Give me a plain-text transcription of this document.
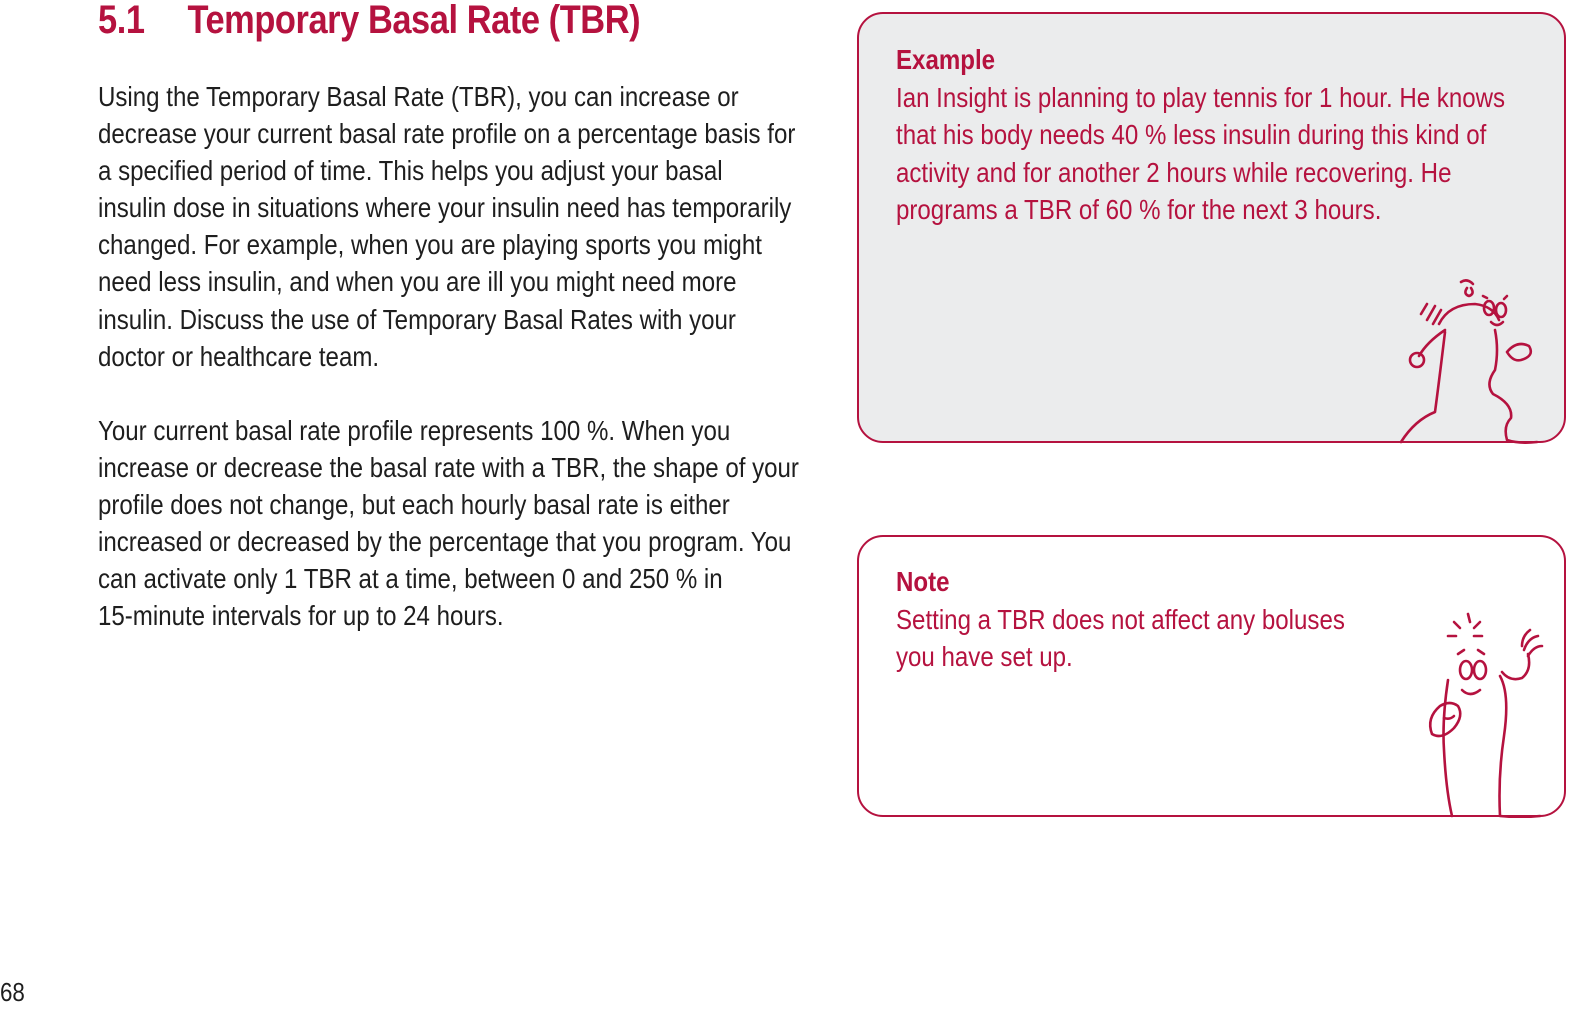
5.1 Temporary Basal Rate (TBR)

Using the Temporary Basal Rate (TBR), you can increase or
decrease your current basal rate profile on a percentage basis for
a specified period of time. This helps you adjust your basal
insulin dose in situations where your insulin need has temporarily
changed. For example, when you are playing sports you might
need less insulin, and when you are ill you might need more
insulin. Discuss the use of Temporary Basal Rates with your
doctor or healthcare team.

Your current basal rate profile represents 100 %. When you
increase or decrease the basal rate with a TBR, the shape of your
profile does not change, but each hourly basal rate is either
increased or decreased by the percentage that you program. You
can activate only 1 TBR at a time, between 0 and 250 % in
15-minute intervals for up to 24 hours.

Example

Ian Insight is planning to play tennis for 1 hour. He knows
that his body needs 40 % less insulin during this kind of
activity and for another 2 hours while recovering. He
programs a TBR of 60 % for the next 3 hours.

Note

Setting a TBR does not affect any boluses
you have set up.

68
